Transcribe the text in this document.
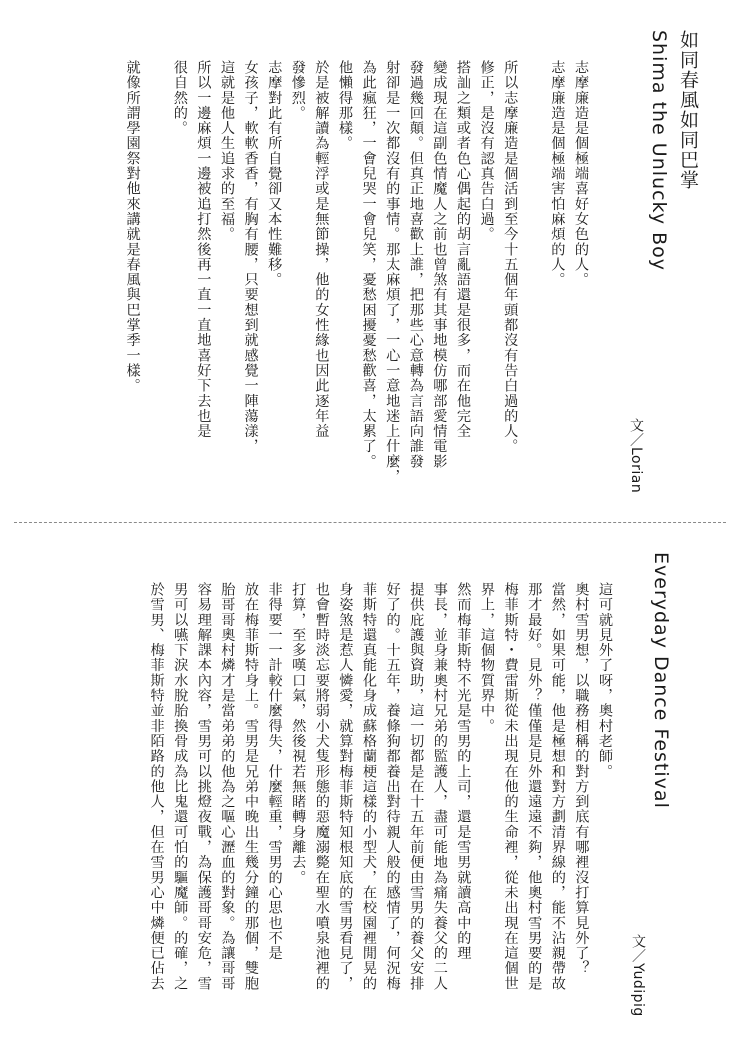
如同春風如同巴掌
Shima the Unlucky Boy
文／Lorian
志摩廉造是個極端喜好女色的人。
志摩廉造是個極端害怕麻煩的人。
所以志摩廉造是個活到至今十五個年頭都沒有告白過的人。
修正，是沒有認真告白過。
搭訕之類或者色心偶起的胡言亂語還是很多，而在他完全
變成現在這副色情魔人之前也曾煞有其事地模仿哪部愛情電影
發過幾回顛。但真正地喜歡上誰，把那些心意轉為言語向誰發
射卻是一次都沒有的事情。那太麻煩了，一心一意地迷上什麼，
為此瘋狂，一會兒哭一會兒笑，憂愁困擾憂愁歡喜，太累了。
他懶得那樣。
於是被解讀為輕浮或是無節操，他的女性緣也因此逐年益
發慘烈。
志摩對此有所自覺卻又本性難移。
女孩子，軟軟香香，有胸有腰，只要想到就感覺一陣蕩漾，
這就是他人生追求的至福。
所以一邊麻煩一邊被追打然後再一直一直地喜好下去也是
很自然的。
就像所謂學園祭對他來講就是春風與巴掌季一樣。
Everyday Dance Festival
文／Yudipig
這可就見外了呀，奧村老師。
奧村雪男想，以職務相稱的對方到底有哪裡沒打算見外了？
當然，如果可能，他是極想和對方劃清界線的，能不沾親帶故
那才最好。見外？僅僅是見外還遠遠不夠，他奧村雪男要的是
梅菲斯特・費雷斯從未出現在他的生命裡，從未出現在這個世
界上，這個物質界中。
然而梅菲斯特不光是雪男的上司，還是雪男就讀高中的理
事長，並身兼奧村兄弟的監護人，盡可能地為痛失養父的二人
提供庇護與資助，這一切都是在十五年前便由雪男的養父安排
好了的。十五年，養條狗都養出對待親人般的感情了，何況梅
菲斯特還真能化身成蘇格蘭梗這樣的小型犬，在校園裡閒晃的
身姿煞是惹人憐愛，就算對梅菲斯特知根知底的雪男看見了，
也會暫時淡忘要將弱小犬隻形態的惡魔溺斃在聖水噴泉池裡的
打算，至多嘆口氣，然後視若無睹轉身離去。
非得要一一計較什麼得失，什麼輕重，雪男的心思也不是
放在梅菲斯特身上。雪男是兄弟中晚出生幾分鐘的那個，雙胞
胎哥哥奧村燐才是當弟弟的他為之嘔心瀝血的對象。為讓哥哥
容易理解課本內容，雪男可以挑燈夜戰，為保護哥哥安危，雪
男可以嚥下淚水脫胎換骨成為比鬼還可怕的驅魔師。的確，之
於雪男、梅菲斯特並非陌路的他人，但在雪男心中燐便已佔去
